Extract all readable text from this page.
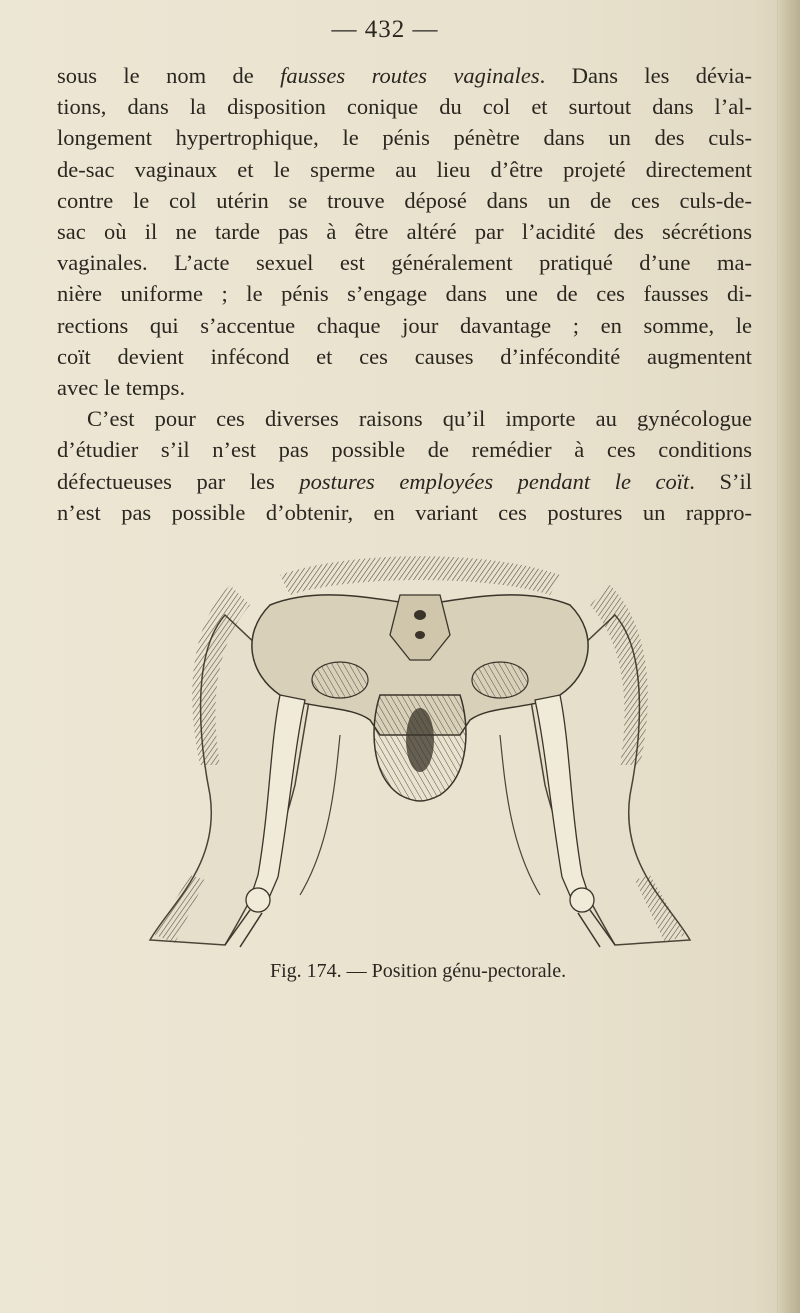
— 432 —
sous le nom de fausses routes vaginales. Dans les dévia-
tions, dans la disposition conique du col et surtout dans l’al-
longement hypertrophique, le pénis pénètre dans un des culs-
de-sac vaginaux et le sperme au lieu d’être projeté directement
contre le col utérin se trouve déposé dans un de ces culs-de-
sac où il ne tarde pas à être altéré par l’acidité des sécrétions
vaginales. L’acte sexuel est généralement pratiqué d’une ma-
nière uniforme ; le pénis s’engage dans une de ces fausses di-
rections qui s’accentue chaque jour davantage ; en somme, le
coït devient infécond et ces causes d’infécondité augmentent
avec le temps.
C’est pour ces diverses raisons qu’il importe au gynécologue
d’étudier s’il n’est pas possible de remédier à ces conditions
défectueuses par les postures employées pendant le coït. S’il
n’est pas possible d’obtenir, en variant ces postures un rappro-
Fig. 174. — Position génu-pectorale.
